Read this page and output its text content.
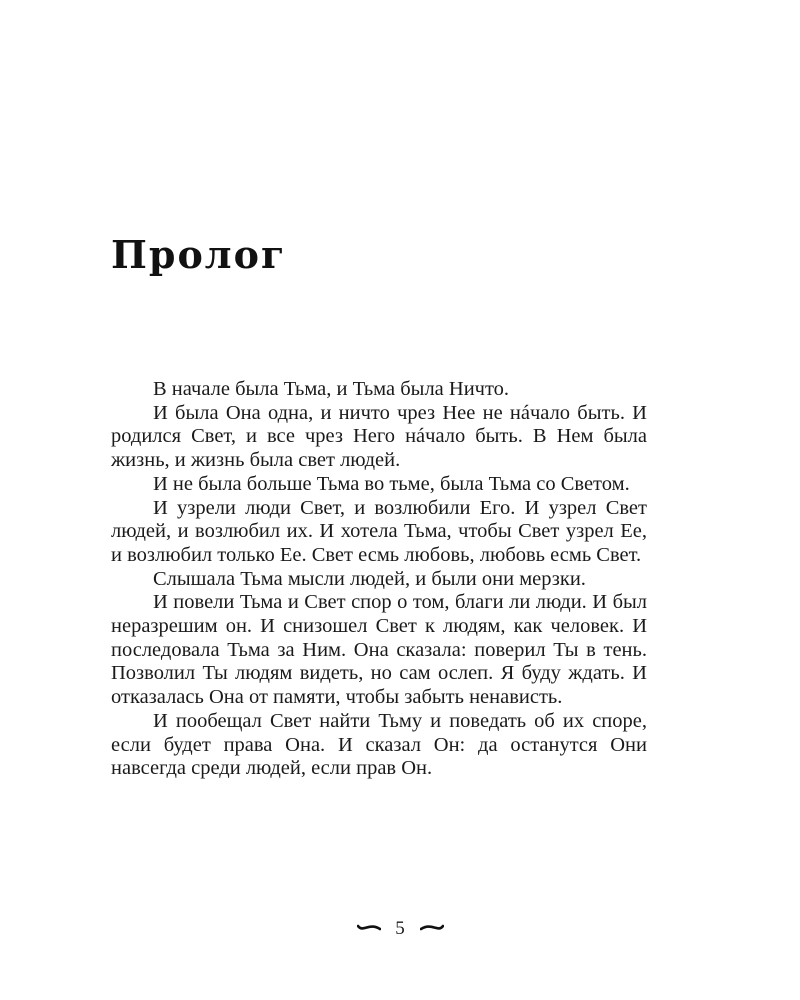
Пролог

В начале была Тьма, и Тьма была Ничто.

И была Она одна, и ничто чрез Нее не нáчало быть. И родился Свет, и все чрез Него нáчало быть. В Нем была жизнь, и жизнь была свет людей.

И не была больше Тьма во тьме, была Тьма со Светом.

И узрели люди Свет, и возлюбили Его. И узрел Свет людей, и возлюбил их. И хотела Тьма, чтобы Свет узрел Ее, и возлюбил только Ее. Свет есмь любовь, любовь есмь Свет.

Слышала Тьма мысли людей, и были они мерзки.

И повели Тьма и Свет спор о том, благи ли люди. И был неразрешим он. И снизошел Свет к людям, как человек. И последовала Тьма за Ним. Она сказала: поверил Ты в тень. Позволил Ты людям видеть, но сам ослеп. Я буду ждать. И отказалась Она от памяти, чтобы забыть ненависть.

И пообещал Свет найти Тьму и поведать об их споре, если будет права Она. И сказал Он: да останутся Они навсегда среди людей, если прав Он.

5
